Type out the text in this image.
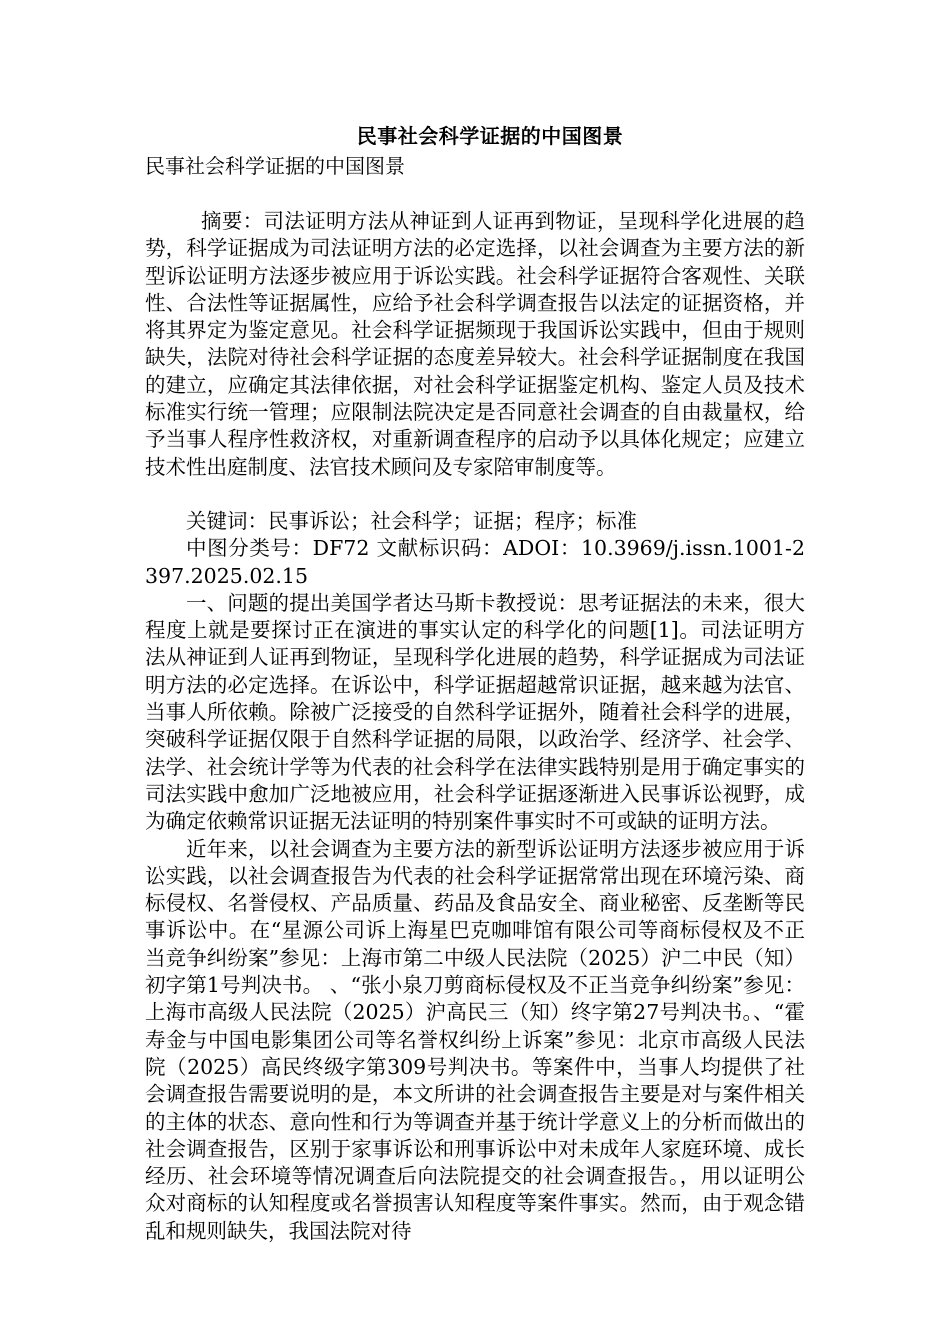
民事社会科学证据的中国图景
民事社会科学证据的中国图景

摘要：司法证明方法从神证到人证再到物证，呈现科学化进展的趋势，科学证据成为司法证明方法的必定选择，以社会调查为主要方法的新型诉讼证明方法逐步被应用于诉讼实践。社会科学证据符合客观性、关联性、合法性等证据属性，应给予社会科学调查报告以法定的证据资格，并将其界定为鉴定意见。社会科学证据频现于我国诉讼实践中，但由于规则缺失，法院对待社会科学证据的态度差异较大。社会科学证据制度在我国的建立，应确定其法律依据，对社会科学证据鉴定机构、鉴定人员及技术标准实行统一管理；应限制法院决定是否同意社会调查的自由裁量权，给予当事人程序性救济权，对重新调查程序的启动予以具体化规定；应建立技术性出庭制度、法官技术顾问及专家陪审制度等。

关键词：民事诉讼；社会科学；证据；程序；标准

中图分类号：DF72 文献标识码：ADOI：10.3969/j.issn.1001-2397.2025.02.15

一、问题的提出美国学者达马斯卡教授说：思考证据法的未来，很大程度上就是要探讨正在演进的事实认定的科学化的问题[1]。司法证明方法从神证到人证再到物证，呈现科学化进展的趋势，科学证据成为司法证明方法的必定选择。在诉讼中，科学证据超越常识证据，越来越为法官、当事人所依赖。除被广泛接受的自然科学证据外，随着社会科学的进展，突破科学证据仅限于自然科学证据的局限，以政治学、经济学、社会学、法学、社会统计学等为代表的社会科学在法律实践特别是用于确定事实的司法实践中愈加广泛地被应用，社会科学证据逐渐进入民事诉讼视野，成为确定依赖常识证据无法证明的特别案件事实时不可或缺的证明方法。

近年来，以社会调查为主要方法的新型诉讼证明方法逐步被应用于诉讼实践，以社会调查报告为代表的社会科学证据常常出现在环境污染、商标侵权、名誉侵权、产品质量、药品及食品安全、商业秘密、反垄断等民事诉讼中。在“星源公司诉上海星巴克咖啡馆有限公司等商标侵权及不正当竞争纠纷案”参见：上海市第二中级人民法院（2025）沪二中民（知）初字第1号判决书。 、“张小泉刀剪商标侵权及不正当竞争纠纷案”参见：上海市高级人民法院（2025）沪高民三（知）终字第27号判决书。、“霍寿金与中国电影集团公司等名誉权纠纷上诉案”参见：北京市高级人民法院（2025）高民终级字第309号判决书。等案件中，当事人均提供了社会调查报告需要说明的是，本文所讲的社会调查报告主要是对与案件相关的主体的状态、意向性和行为等调查并基于统计学意义上的分析而做出的社会调查报告，区别于家事诉讼和刑事诉讼中对未成年人家庭环境、成长经历、社会环境等情况调查后向法院提交的社会调查报告。，用以证明公众对商标的认知程度或名誉损害认知程度等案件事实。然而，由于观念错乱和规则缺失，我国法院对待
